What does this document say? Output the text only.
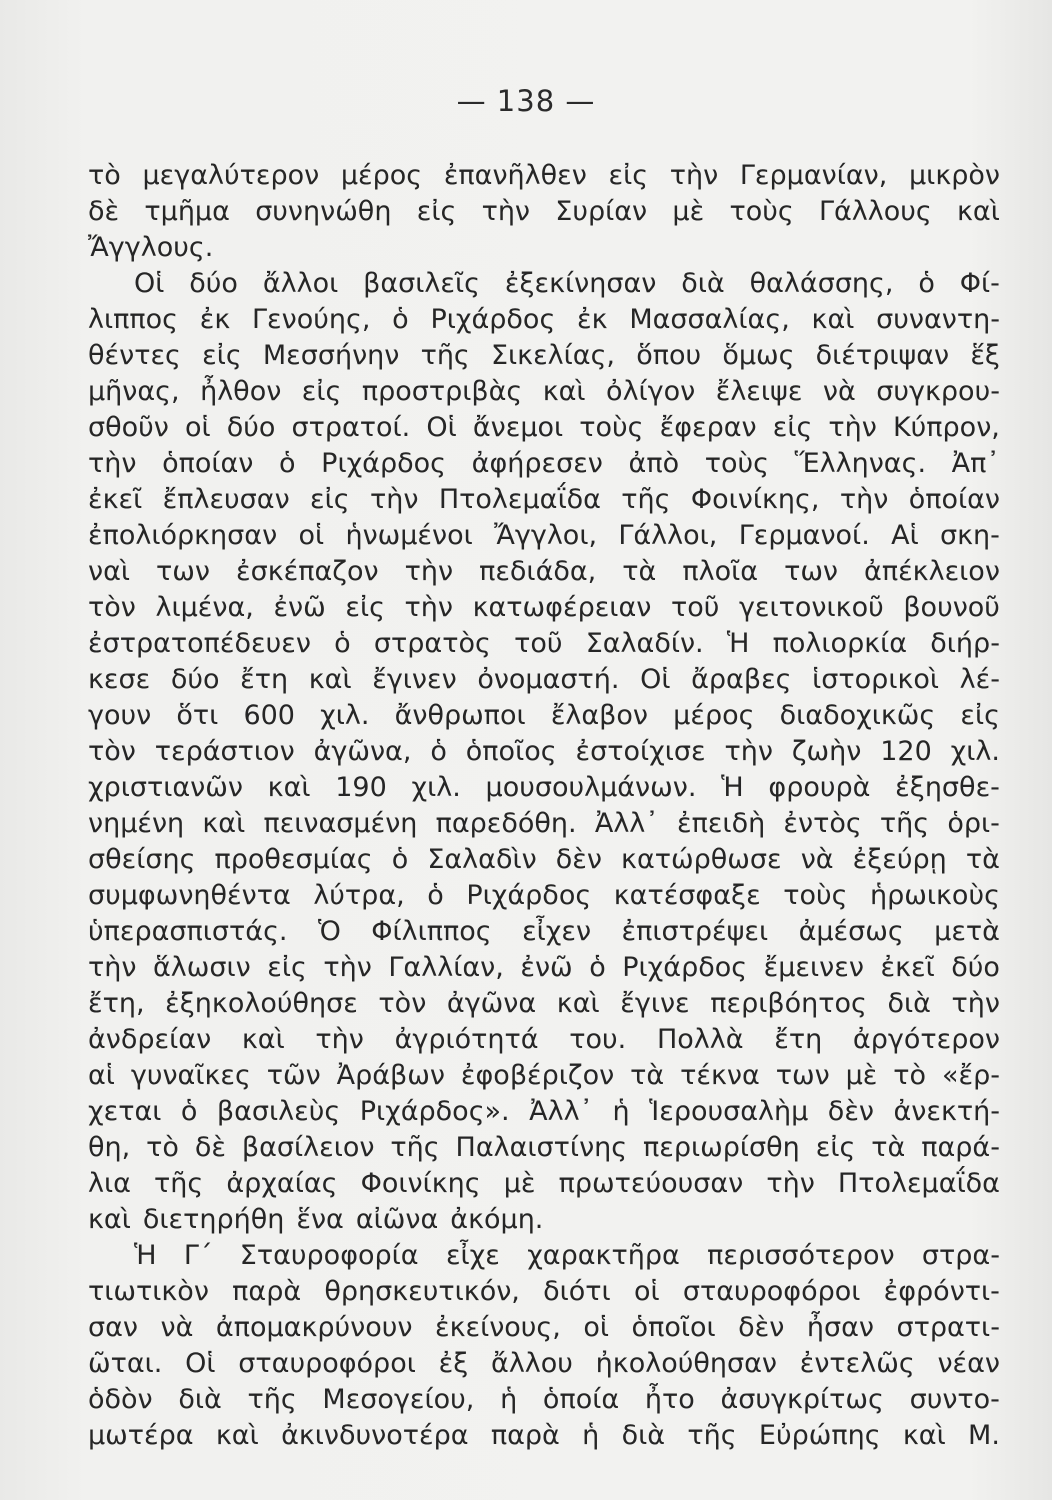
— 138 —
τὸ μεγαλύτερον μέρος ἐπανῆλθεν εἰς τὴν Γερμανίαν, μικρὸν
δὲ τμῆμα συνηνώθη εἰς τὴν Συρίαν μὲ τοὺς Γάλλους καὶ
Ἄγγλους.
Οἱ δύο ἄλλοι βασιλεῖς ἐξεκίνησαν διὰ θαλάσσης, ὁ Φί-
λιππος ἐκ Γενούης, ὁ Ριχάρδος ἐκ Μασσαλίας, καὶ συναντη-
θέντες εἰς Μεσσήνην τῆς Σικελίας, ὅπου ὅμως διέτριψαν ἕξ
μῆνας, ἦλθον εἰς προστριβὰς καὶ ὀλίγον ἔλειψε νὰ συγκρου-
σθοῦν οἱ δύο στρατοί. Οἱ ἄνεμοι τοὺς ἔφεραν εἰς τὴν Κύπρον,
τὴν ὁποίαν ὁ Ριχάρδος ἀφήρεσεν ἀπὸ τοὺς Ἕλληνας. Ἀπ᾽
ἐκεῖ ἔπλευσαν εἰς τὴν Πτολεμαΐδα τῆς Φοινίκης, τὴν ὁποίαν
ἐπολιόρκησαν οἱ ἡνωμένοι Ἄγγλοι, Γάλλοι, Γερμανοί. Αἱ σκη-
ναὶ των ἐσκέπαζον τὴν πεδιάδα, τὰ πλοῖα των ἀπέκλειον
τὸν λιμένα, ἐνῶ εἰς τὴν κατωφέρειαν τοῦ γειτονικοῦ βουνοῦ
ἐστρατοπέδευεν ὁ στρατὸς τοῦ Σαλαδίν. Ἡ πολιορκία διήρ-
κεσε δύο ἔτη καὶ ἔγινεν ὀνομαστή. Οἱ ἄραβες ἱστορικοὶ λέ-
γουν ὅτι 600 χιλ. ἄνθρωποι ἔλαβον μέρος διαδοχικῶς εἰς
τὸν τεράστιον ἀγῶνα, ὁ ὁποῖος ἐστοίχισε τὴν ζωὴν 120 χιλ.
χριστιανῶν καὶ 190 χιλ. μουσουλμάνων. Ἡ φρουρὰ ἐξησθε-
νημένη καὶ πεινασμένη παρεδόθη. Ἀλλ᾽ ἐπειδὴ ἐντὸς τῆς ὁρι-
σθείσης προθεσμίας ὁ Σαλαδὶν δὲν κατώρθωσε νὰ ἐξεύρῃ τὰ
συμφωνηθέντα λύτρα, ὁ Ριχάρδος κατέσφαξε τοὺς ἡρωικοὺς
ὑπερασπιστάς. Ὁ Φίλιππος εἶχεν ἐπιστρέψει ἀμέσως μετὰ
τὴν ἅλωσιν εἰς τὴν Γαλλίαν, ἐνῶ ὁ Ριχάρδος ἔμεινεν ἐκεῖ δύο
ἔτη, ἐξηκολούθησε τὸν ἀγῶνα καὶ ἔγινε περιβόητος διὰ τὴν
ἀνδρείαν καὶ τὴν ἀγριότητά του. Πολλὰ ἔτη ἀργότερον
αἱ γυναῖκες τῶν Ἀράβων ἐφοβέριζον τὰ τέκνα των μὲ τὸ «ἔρ-
χεται ὁ βασιλεὺς Ριχάρδος». Ἀλλ᾽ ἡ Ἱερουσαλὴμ δὲν ἀνεκτή-
θη, τὸ δὲ βασίλειον τῆς Παλαιστίνης περιωρίσθη εἰς τὰ παρά-
λια τῆς ἀρχαίας Φοινίκης μὲ πρωτεύουσαν τὴν Πτολεμαΐδα
καὶ διετηρήθη ἕνα αἰῶνα ἀκόμη.
Ἡ Γ΄ Σταυροφορία εἶχε χαρακτῆρα περισσότερον στρα-
τιωτικὸν παρὰ θρησκευτικόν, διότι οἱ σταυροφόροι ἐφρόντι-
σαν νὰ ἀπομακρύνουν ἐκείνους, οἱ ὁποῖοι δὲν ἦσαν στρατι-
ῶται. Οἱ σταυροφόροι ἐξ ἄλλου ἠκολούθησαν ἐντελῶς νέαν
ὁδὸν διὰ τῆς Μεσογείου, ἡ ὁποία ἦτο ἀσυγκρίτως συντο-
μωτέρα καὶ ἀκινδυνοτέρα παρὰ ἡ διὰ τῆς Εὐρώπης καὶ Μ.
